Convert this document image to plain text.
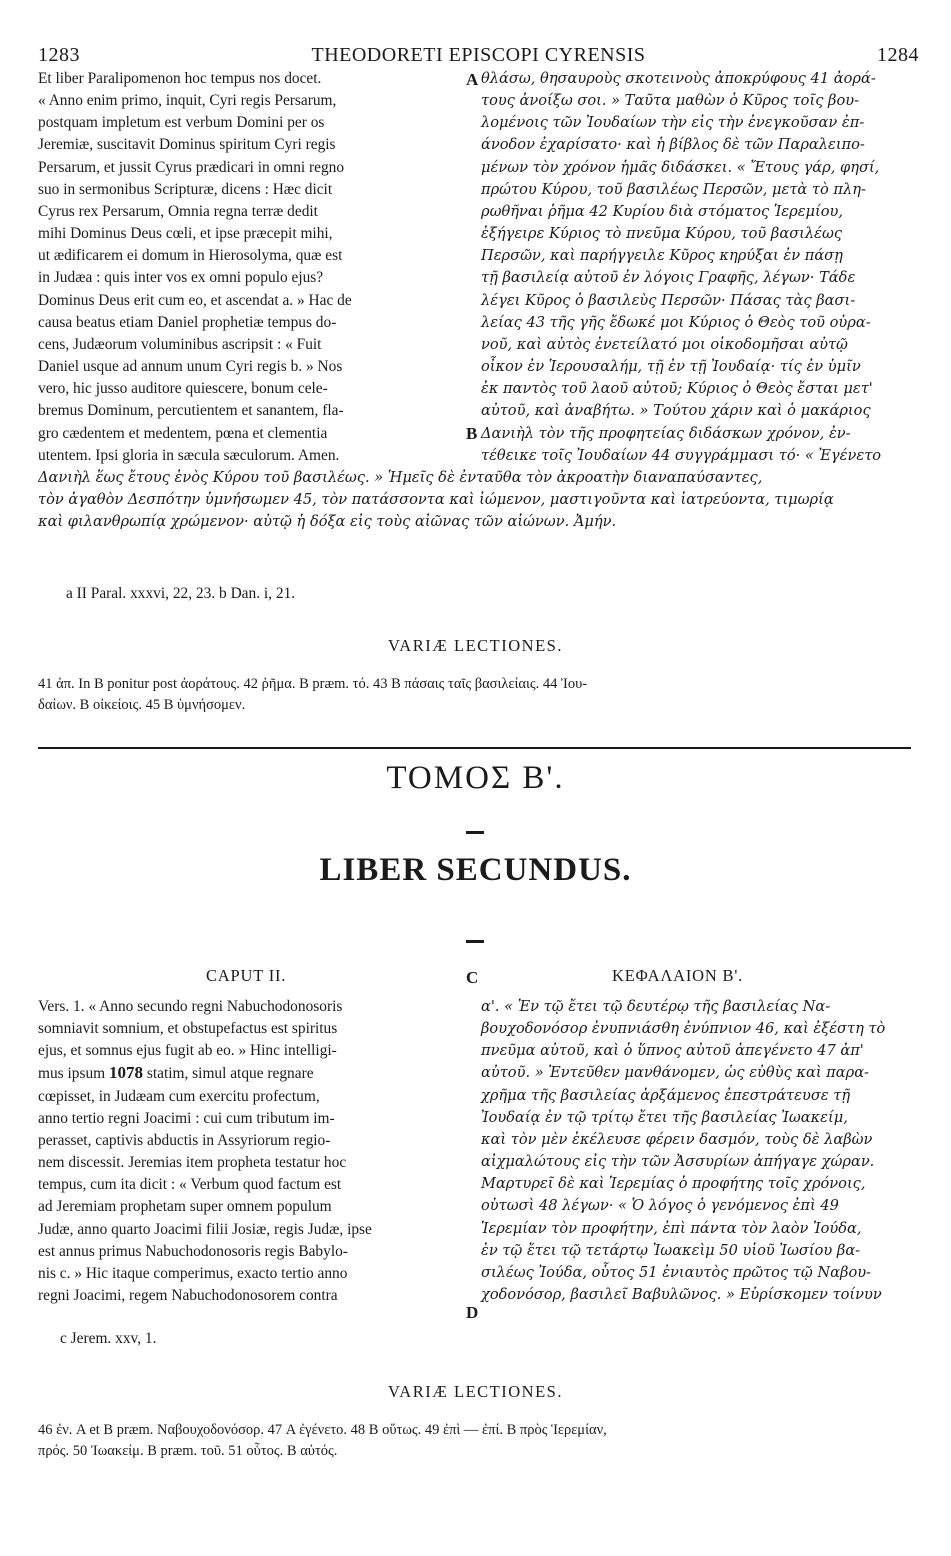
1283	THEODORETI EPISCOPI CYRENSIS	1284

Et liber Paralipomenon hoc tempus nos docet.

« Anno enim primo, inquit, Cyri regis Persarum,

postquam impletum est verbum Domini per os

Jeremiæ, suscitavit Dominus spiritum Cyri regis

Persarum, et jussit Cyrus prædicari in omni regno

suo in sermonibus Scripturæ, dicens : Hæc dicit

Cyrus rex Persarum, Omnia regna terræ dedit

mihi Dominus Deus cœli, et ipse præcepit mihi,

ut ædificarem ei domum in Hierosolyma, quæ est

in Judæa : quis inter vos ex omni populo ejus?

Dominus Deus erit cum eo, et ascendat a. » Hac de

causa beatus etiam Daniel prophetiæ tempus do-

cens, Judæorum voluminibus ascripsit : « Fuit

Daniel usque ad annum unum Cyri regis b. » Nos

vero, hic jusso auditore quiescere, bonum cele-

bremus Dominum, percutientem et sanantem, fla-

gro cædentem et medentem, pœna et clementia

utentem. Ipsi gloria in sæcula sæculorum. Amen.

A
B

θλάσω, θησαυροὺς σκοτεινοὺς ἀποκρύφους 41 ἀορά-

τους ἀνοίξω σοι. » Ταῦτα μαθὼν ὁ Κῦρος τοῖς βου-

λομένοις τῶν Ἰουδαίων τὴν εἰς τὴν ἐνεγκοῦσαν ἐπ-

άνοδον ἐχαρίσατο· καὶ ἡ βίβλος δὲ τῶν Παραλειπο-

μένων τὸν χρόνον ἡμᾶς διδάσκει. « Ἔτους γάρ, φησί,

πρώτου Κύρου, τοῦ βασιλέως Περσῶν, μετὰ τὸ πλη-

ρωθῆναι ῥῆμα 42 Κυρίου διὰ στόματος Ἱερεμίου,

ἐξήγειρε Κύριος τὸ πνεῦμα Κύρου, τοῦ βασιλέως

Περσῶν, καὶ παρήγγειλε Κῦρος κηρύξαι ἐν πάσῃ

τῇ βασιλείᾳ αὐτοῦ ἐν λόγοις Γραφῆς, λέγων· Τάδε

λέγει Κῦρος ὁ βασιλεὺς Περσῶν· Πάσας τὰς βασι-

λείας 43 τῆς γῆς ἔδωκέ μοι Κύριος ὁ Θεὸς τοῦ οὐρα-

νοῦ, καὶ αὐτὸς ἐνετείλατό μοι οἰκοδομῆσαι αὐτῷ

οἶκον ἐν Ἱερουσαλήμ, τῇ ἐν τῇ Ἰουδαίᾳ· τίς ἐν ὑμῖν

ἐκ παντὸς τοῦ λαοῦ αὐτοῦ; Κύριος ὁ Θεὸς ἔσται μετ'

αὐτοῦ, καὶ ἀναβήτω. » Τούτου χάριν καὶ ὁ μακάριος

Δανιὴλ τὸν τῆς προφητείας διδάσκων χρόνον, ἐν-

τέθεικε τοῖς Ἰουδαίων 44 συγγράμμασι τό· « Ἐγένετο

Δανιὴλ ἕως ἔτους ἑνὸς Κύρου τοῦ βασιλέως. » Ἡμεῖς δὲ ἐνταῦθα τὸν ἀκροατὴν διαναπαύσαντες,
τὸν ἀγαθὸν Δεσπότην ὑμνήσωμεν 45, τὸν πατάσσοντα καὶ ἰώμενον, μαστιγοῦντα καὶ ἰατρεύοντα, τιμωρίᾳ
καὶ φιλανθρωπίᾳ χρώμενον· αὐτῷ ἡ δόξα εἰς τοὺς αἰῶνας τῶν αἰώνων. Ἀμήν.
a II Paral. xxxvi, 22, 23. b Dan. i, 21.
VARIÆ LECTIONES.

41 ἀπ. In B ponitur post ἀοράτους. 42 ῥῆμα. B præm. τό. 43 B πάσαις ταῖς βασιλείαις. 44 Ἰου-

δαίων. B οἰκείοις. 45 B ὑμνήσομεν.

ΤΟΜΟΣ Β'.
LIBER SECUNDUS.
CAPUT II.	ΚΕΦΑΛΑΙΟΝ Β'.
C

Vers. 1. « Anno secundo regni Nabuchodonosoris

somniavit somnium, et obstupefactus est spiritus

ejus, et somnus ejus fugit ab eo. » Hinc intelligi-

mus ipsum 1078 statim, simul atque regnare

cœpisset, in Judæam cum exercitu profectum,

anno tertio regni Joacimi : cui cum tributum im-

perasset, captivis abductis in Assyriorum regio-

nem discessit. Jeremias item propheta testatur hoc

tempus, cum ita dicit : « Verbum quod factum est

ad Jeremiam prophetam super omnem populum

Judæ, anno quarto Joacimi filii Josiæ, regis Judæ, ipse

est annus primus Nabuchodonosoris regis Babylo-

nis c. » Hic itaque comperimus, exacto tertio anno

regni Joacimi, regem Nabuchodonosorem contra

α'. « Ἐν τῷ ἔτει τῷ δευτέρῳ τῆς βασιλείας Να-

βουχοδονόσορ ἐνυπνιάσθη ἐνύπνιον 46, καὶ ἐξέστη τὸ

πνεῦμα αὐτοῦ, καὶ ὁ ὕπνος αὐτοῦ ἀπεγένετο 47 ἀπ'

αὐτοῦ. » Ἐντεῦθεν μανθάνομεν, ὡς εὐθὺς καὶ παρα-

χρῆμα τῆς βασιλείας ἀρξάμενος ἐπεστράτευσε τῇ

Ἰουδαίᾳ ἐν τῷ τρίτῳ ἔτει τῆς βασιλείας Ἰωακείμ,

καὶ τὸν μὲν ἐκέλευσε φέρειν δασμόν, τοὺς δὲ λαβὼν

αἰχμαλώτους εἰς τὴν τῶν Ἀσσυρίων ἀπήγαγε χώραν.

Μαρτυρεῖ δὲ καὶ Ἱερεμίας ὁ προφήτης τοῖς χρόνοις,

οὑτωσὶ 48 λέγων· « Ὁ λόγος ὁ γενόμενος ἐπὶ 49

Ἱερεμίαν τὸν προφήτην, ἐπὶ πάντα τὸν λαὸν Ἰούδα,

ἐν τῷ ἔτει τῷ τετάρτῳ Ἰωακεὶμ 50 υἱοῦ Ἰωσίου βα-

σιλέως Ἰούδα, οὗτος 51 ἐνιαυτὸς πρῶτος τῷ Ναβου-

χοδονόσορ, βασιλεῖ Βαβυλῶνος. » Εὑρίσκομεν τοίνυν

D
c Jerem. xxv, 1.
VARIÆ LECTIONES.

46 ἐν. A et B præm. Ναβουχοδονόσορ. 47 A ἐγένετο. 48 B οὕτως. 49 ἐπὶ — ἐπί. B πρὸς Ἱερεμίαν,

πρός. 50 Ἰωακείμ. B præm. τοῦ. 51 οὗτος. B αὐτός.
